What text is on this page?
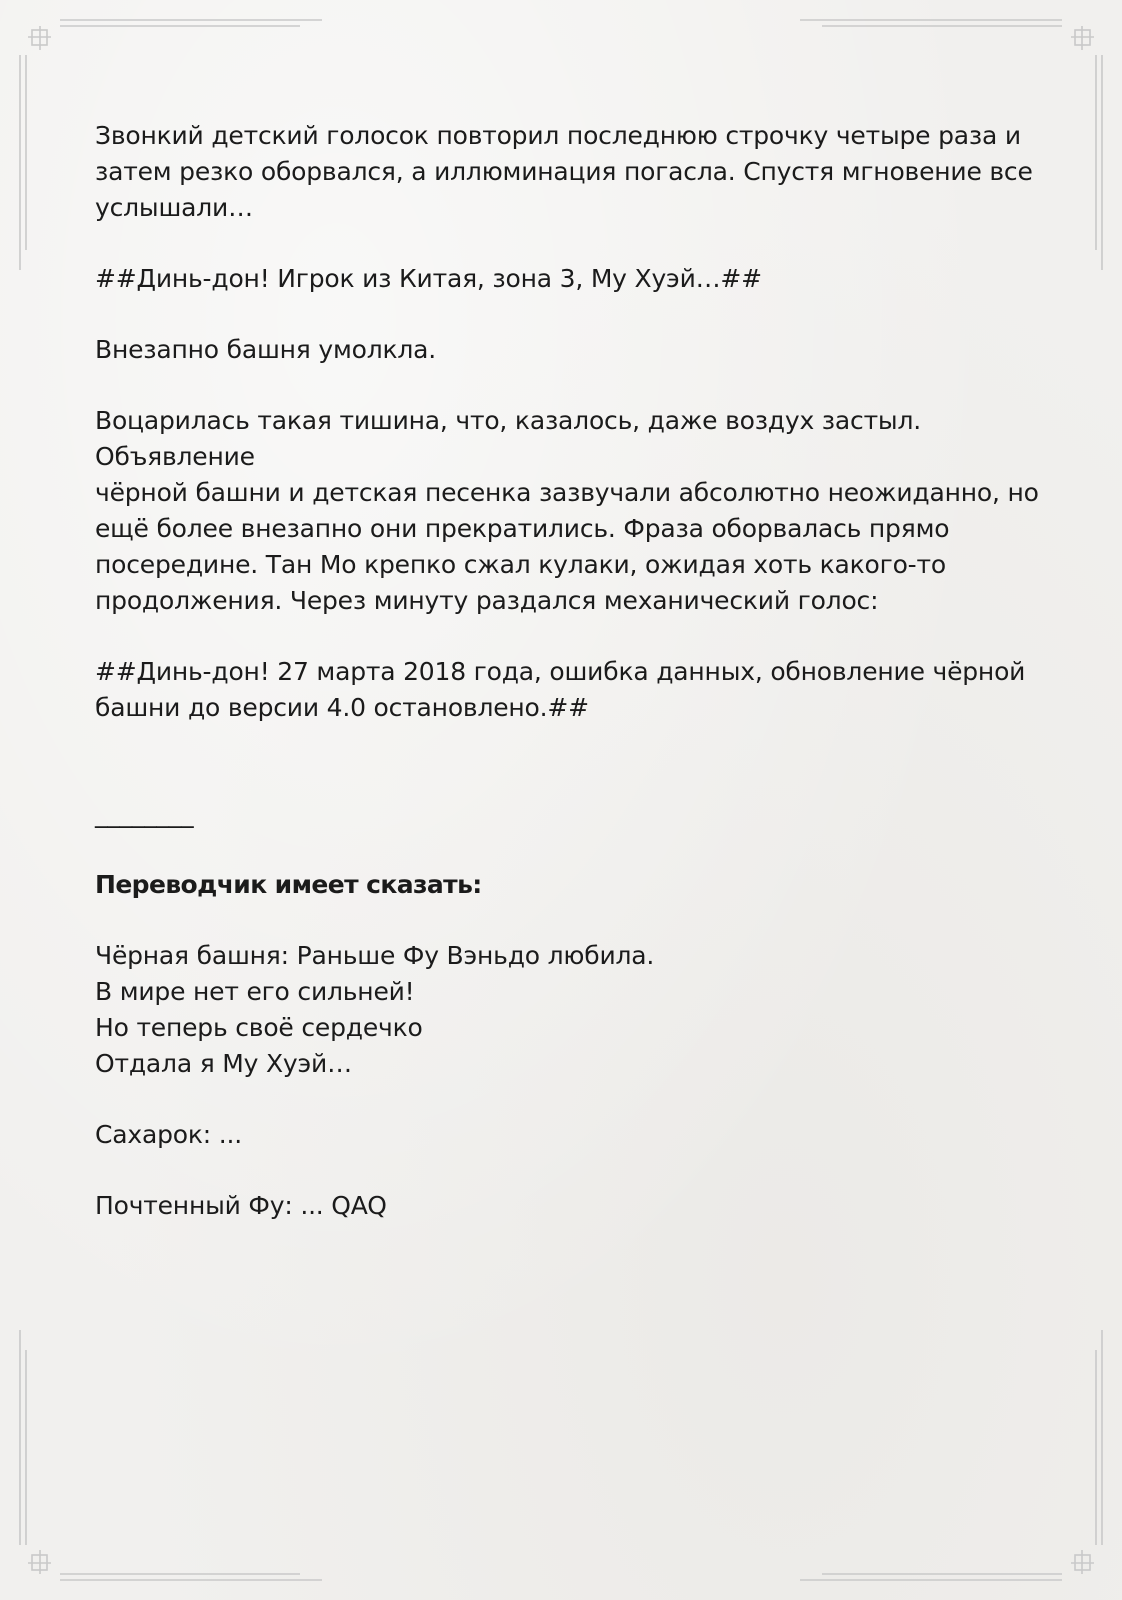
Звонкий детский голосок повторил последнюю строчку четыре раза и
затем резко оборвался, а иллюминация погасла. Спустя мгновение все
услышали…

##Динь-дон! Игрок из Китая, зона 3, Му Хуэй…##

Внезапно башня умолкла.

Воцарилась такая тишина, что, казалось, даже воздух застыл. Объявление
чёрной башни и детская песенка зазвучали абсолютно неожиданно, но
ещё более внезапно они прекратились. Фраза оборвалась прямо
посередине. Тан Мо крепко сжал кулаки, ожидая хоть какого-то
продолжения. Через минуту раздался механический голос:

##Динь-дон! 27 марта 2018 года, ошибка данных, обновление чёрной
башни до версии 4.0 остановлено.##

________

Переводчик имеет сказать:

Чёрная башня: Раньше Фу Вэньдо любила.
В мире нет его сильней!
Но теперь своё сердечко
Отдала я Му Хуэй…

Сахарок: ...

Почтенный Фу: ... QAQ
